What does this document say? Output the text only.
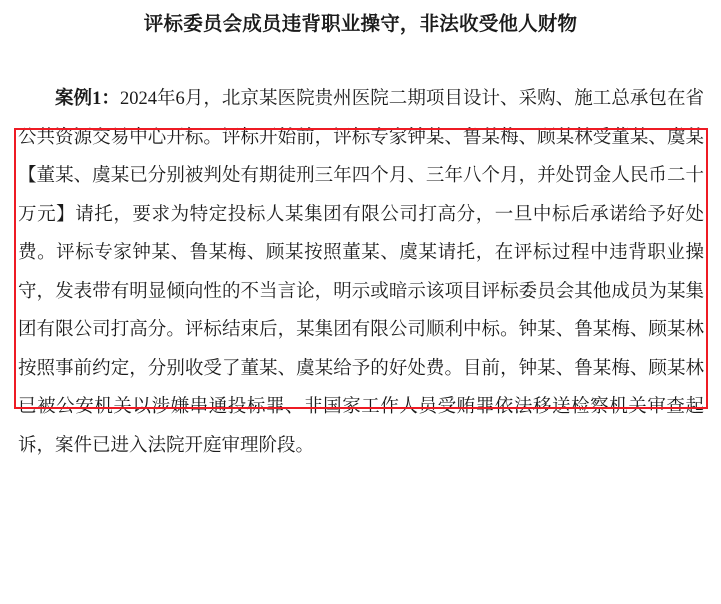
评标委员会成员违背职业操守，非法收受他人财物

案例1：2024年6月，北京某医院贵州医院二期项目设计、采购、施工总承包在省公共资源交易中心开标。评标开始前，评标专家钟某、鲁某梅、顾某林受董某、虞某【董某、虞某已分别被判处有期徒刑三年四个月、三年八个月，并处罚金人民币二十万元】请托，要求为特定投标人某集团有限公司打高分，一旦中标后承诺给予好处费。评标专家钟某、鲁某梅、顾某按照董某、虞某请托，在评标过程中违背职业操守，发表带有明显倾向性的不当言论，明示或暗示该项目评标委员会其他成员为某集团有限公司打高分。评标结束后，某集团有限公司顺利中标。钟某、鲁某梅、顾某林按照事前约定，分别收受了董某、虞某给予的好处费。目前，钟某、鲁某梅、顾某林已被公安机关以涉嫌串通投标罪、非国家工作人员受贿罪依法移送检察机关审查起诉，案件已进入法院开庭审理阶段。
